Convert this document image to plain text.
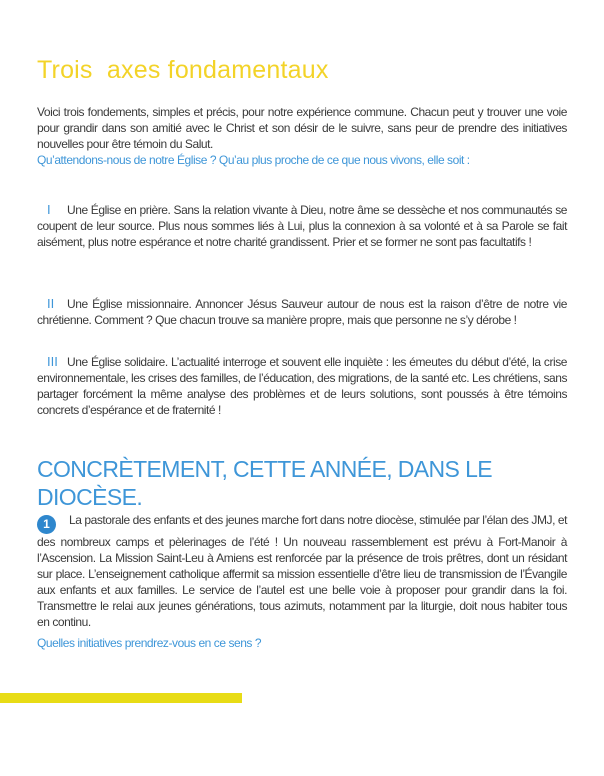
Trois  axes fondamentaux
Voici trois fondements, simples et précis, pour notre expérience commune. Chacun peut y trouver une voie pour grandir dans son amitié avec le Christ et son désir de le suivre, sans peur de prendre des initiatives nouvelles pour être témoin du Salut.
Qu’attendons-nous de notre Église ? Qu’au plus proche de ce que nous vivons, elle soit :

I Une Église en prière. Sans la relation vivante à Dieu, notre âme se dessèche et nos communautés se coupent de leur source. Plus nous sommes liés à Lui, plus la connexion à sa volonté et à sa Parole se fait aisément, plus notre espérance et notre charité grandissent. Prier et se former ne sont pas facultatifs !

II Une Église missionnaire. Annoncer Jésus Sauveur autour de nous est la raison d’être de notre vie chrétienne. Comment ? Que chacun trouve sa manière propre, mais que personne ne s’y dérobe !

III Une Église solidaire. L’actualité interroge et souvent elle inquiète : les émeutes du début d’été, la crise environnementale, les crises des familles, de l’éducation, des migrations, de la santé etc. Les chrétiens, sans partager forcément la même analyse des problèmes et de leurs solutions, sont poussés à être témoins concrets d’espérance et de fraternité !

CONCRÈTEMENT, CETTE ANNÉE, DANS LE DIOCÈSE.
1 La pastorale des enfants et des jeunes marche fort dans notre diocèse, stimulée par l’élan des JMJ, et des nombreux camps et pèlerinages de l’été ! Un nouveau rassemblement est prévu à Fort-Manoir à l’Ascension. La Mission Saint-Leu à Amiens est renforcée par la présence de trois prêtres, dont un résidant sur place. L’enseignement catholique affermit sa mission essentielle d’être lieu de transmission de l’Évangile aux enfants et aux familles. Le service de l’autel est une belle voie à proposer pour grandir dans la foi. Transmettre le relai aux jeunes générations, tous azimuts, notamment par la liturgie, doit nous habiter tous en continu.
Quelles initiatives prendrez-vous en ce sens ?
